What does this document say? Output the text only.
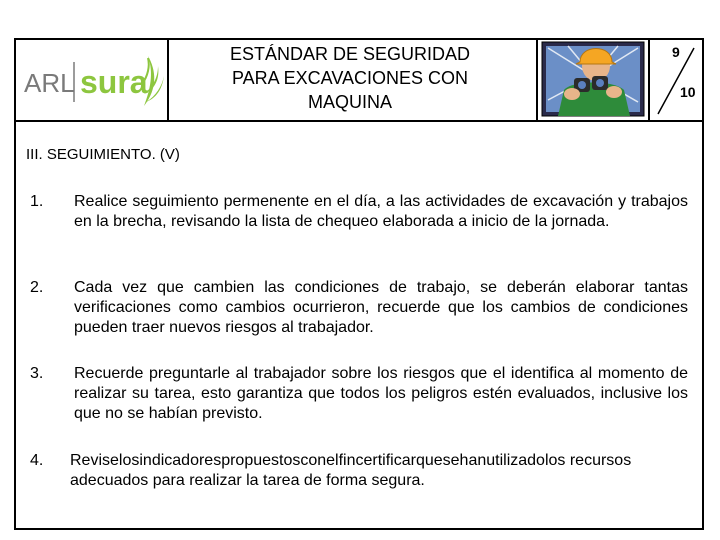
ARL sura
ESTÁNDAR DE SEGURIDAD
PARA EXCAVACIONES CON
MAQUINA
9
10
III. SEGUIMIENTO. (V)
1.	Realice seguimiento permenente en el día, a las actividades de excavación y trabajos en la brecha, revisando la lista de chequeo elaborada a inicio de la jornada.
2.	Cada vez que cambien las condiciones de trabajo, se deberán elaborar tantas verificaciones como cambios ocurrieron, recuerde que los cambios de condiciones pueden traer nuevos riesgos al trabajador.
3.	Recuerde preguntarle al trabajador sobre los riesgos que el identifica al momento de realizar su tarea, esto garantiza que todos los peligros estén evaluados, inclusive los que no se habían previsto.
4.	Reviselosindicadorespropuestosconelfincertificarquesehanutilizadolos recursos adecuados para realizar la tarea de forma segura.
